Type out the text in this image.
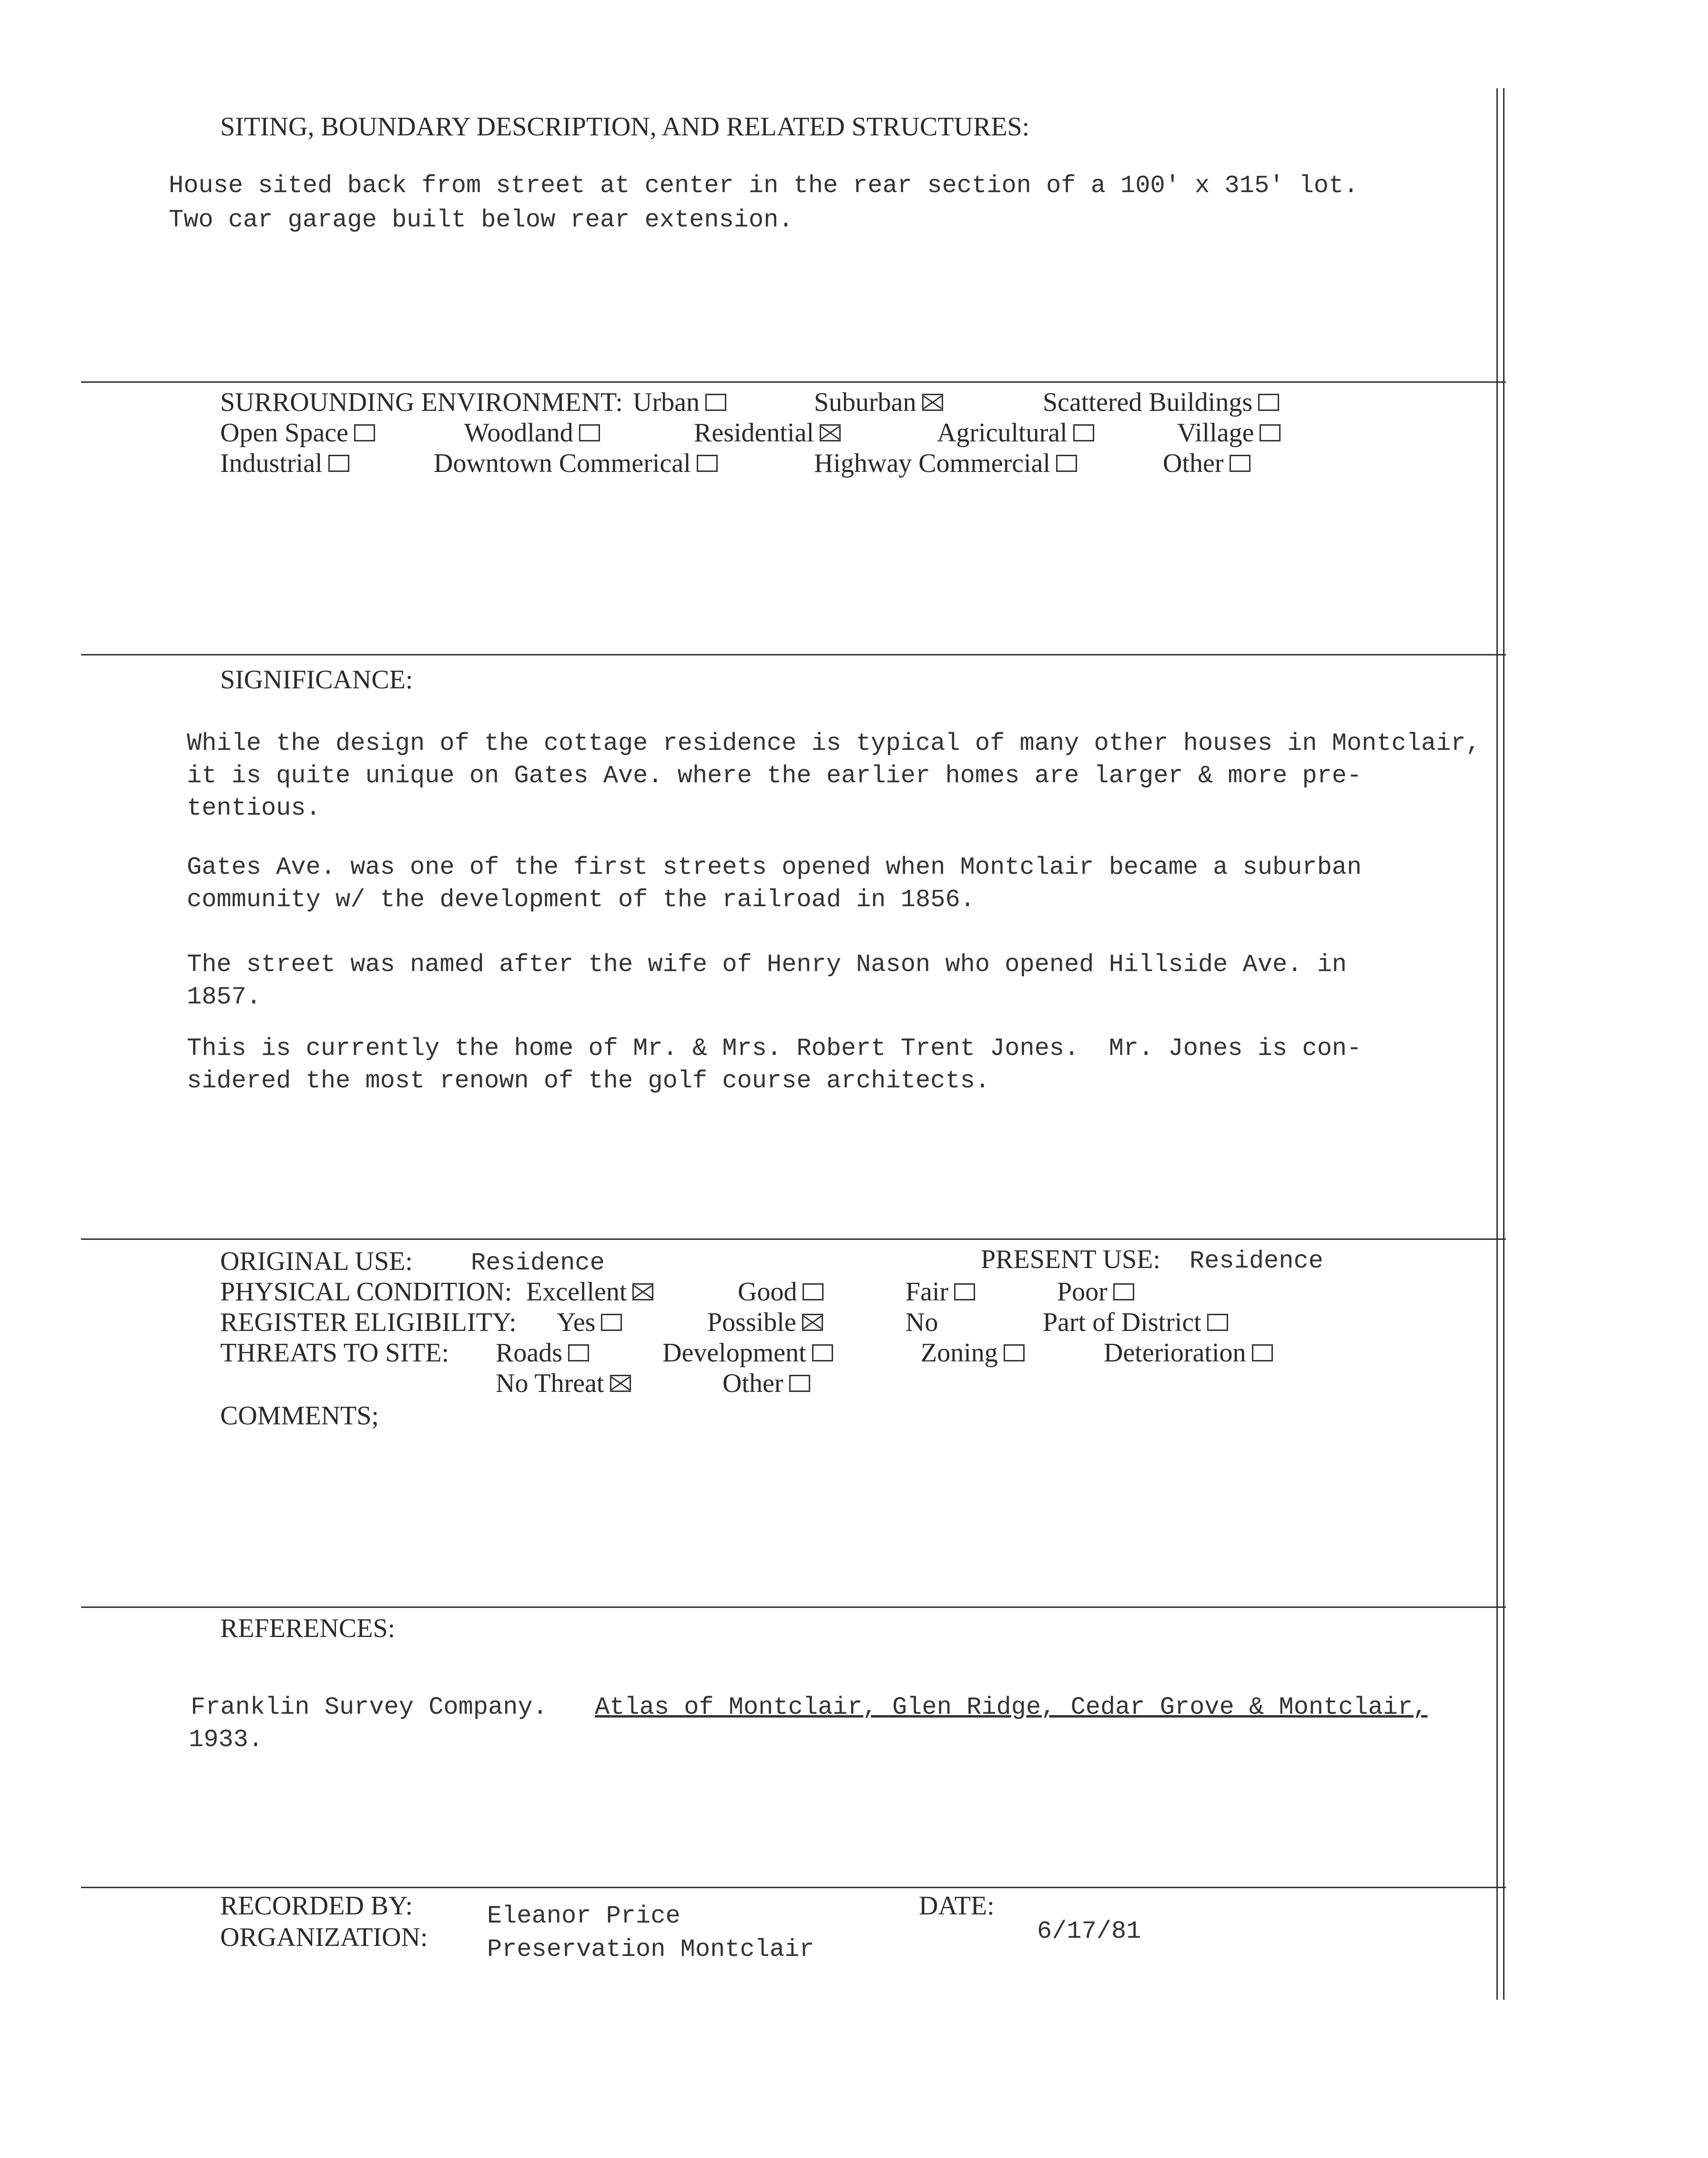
SITING, BOUNDARY DESCRIPTION, AND RELATED STRUCTURES:
House sited back from street at center in the rear section of a 100' x 315' lot.
Two car garage built below rear extension.
SURROUNDING ENVIRONMENT: Urban	Suburban	Scattered Buildings
Open Space	Woodland	Residential	Agricultural	Village
Industrial	Downtown Commerical	Highway Commercial	Other
SIGNIFICANCE:
While the design of the cottage residence is typical of many other houses in Montclair,
it is quite unique on Gates Ave. where the earlier homes are larger & more pre-
tentious.
Gates Ave. was one of the first streets opened when Montclair became a suburban
community w/ the development of the railroad in 1856.
The street was named after the wife of Henry Nason who opened Hillside Ave. in
1857.
This is currently the home of Mr. & Mrs. Robert Trent Jones.  Mr. Jones is con-
sidered the most renown of the golf course architects.
ORIGINAL USE: Residence	PRESENT USE: Residence
PHYSICAL CONDITION: Excellent	Good	Fair	Poor
REGISTER ELIGIBILITY: Yes	Possible	No	Part of District
THREATS TO SITE: Roads	Development	Zoning	Deterioration
No Threat	Other
COMMENTS;
REFERENCES:
Franklin Survey Company. Atlas of Montclair, Glen Ridge, Cedar Grove & Montclair,
1933.
RECORDED BY:	Eleanor Price
ORGANIZATION: Preservation Montclair
DATE:
6/17/81
